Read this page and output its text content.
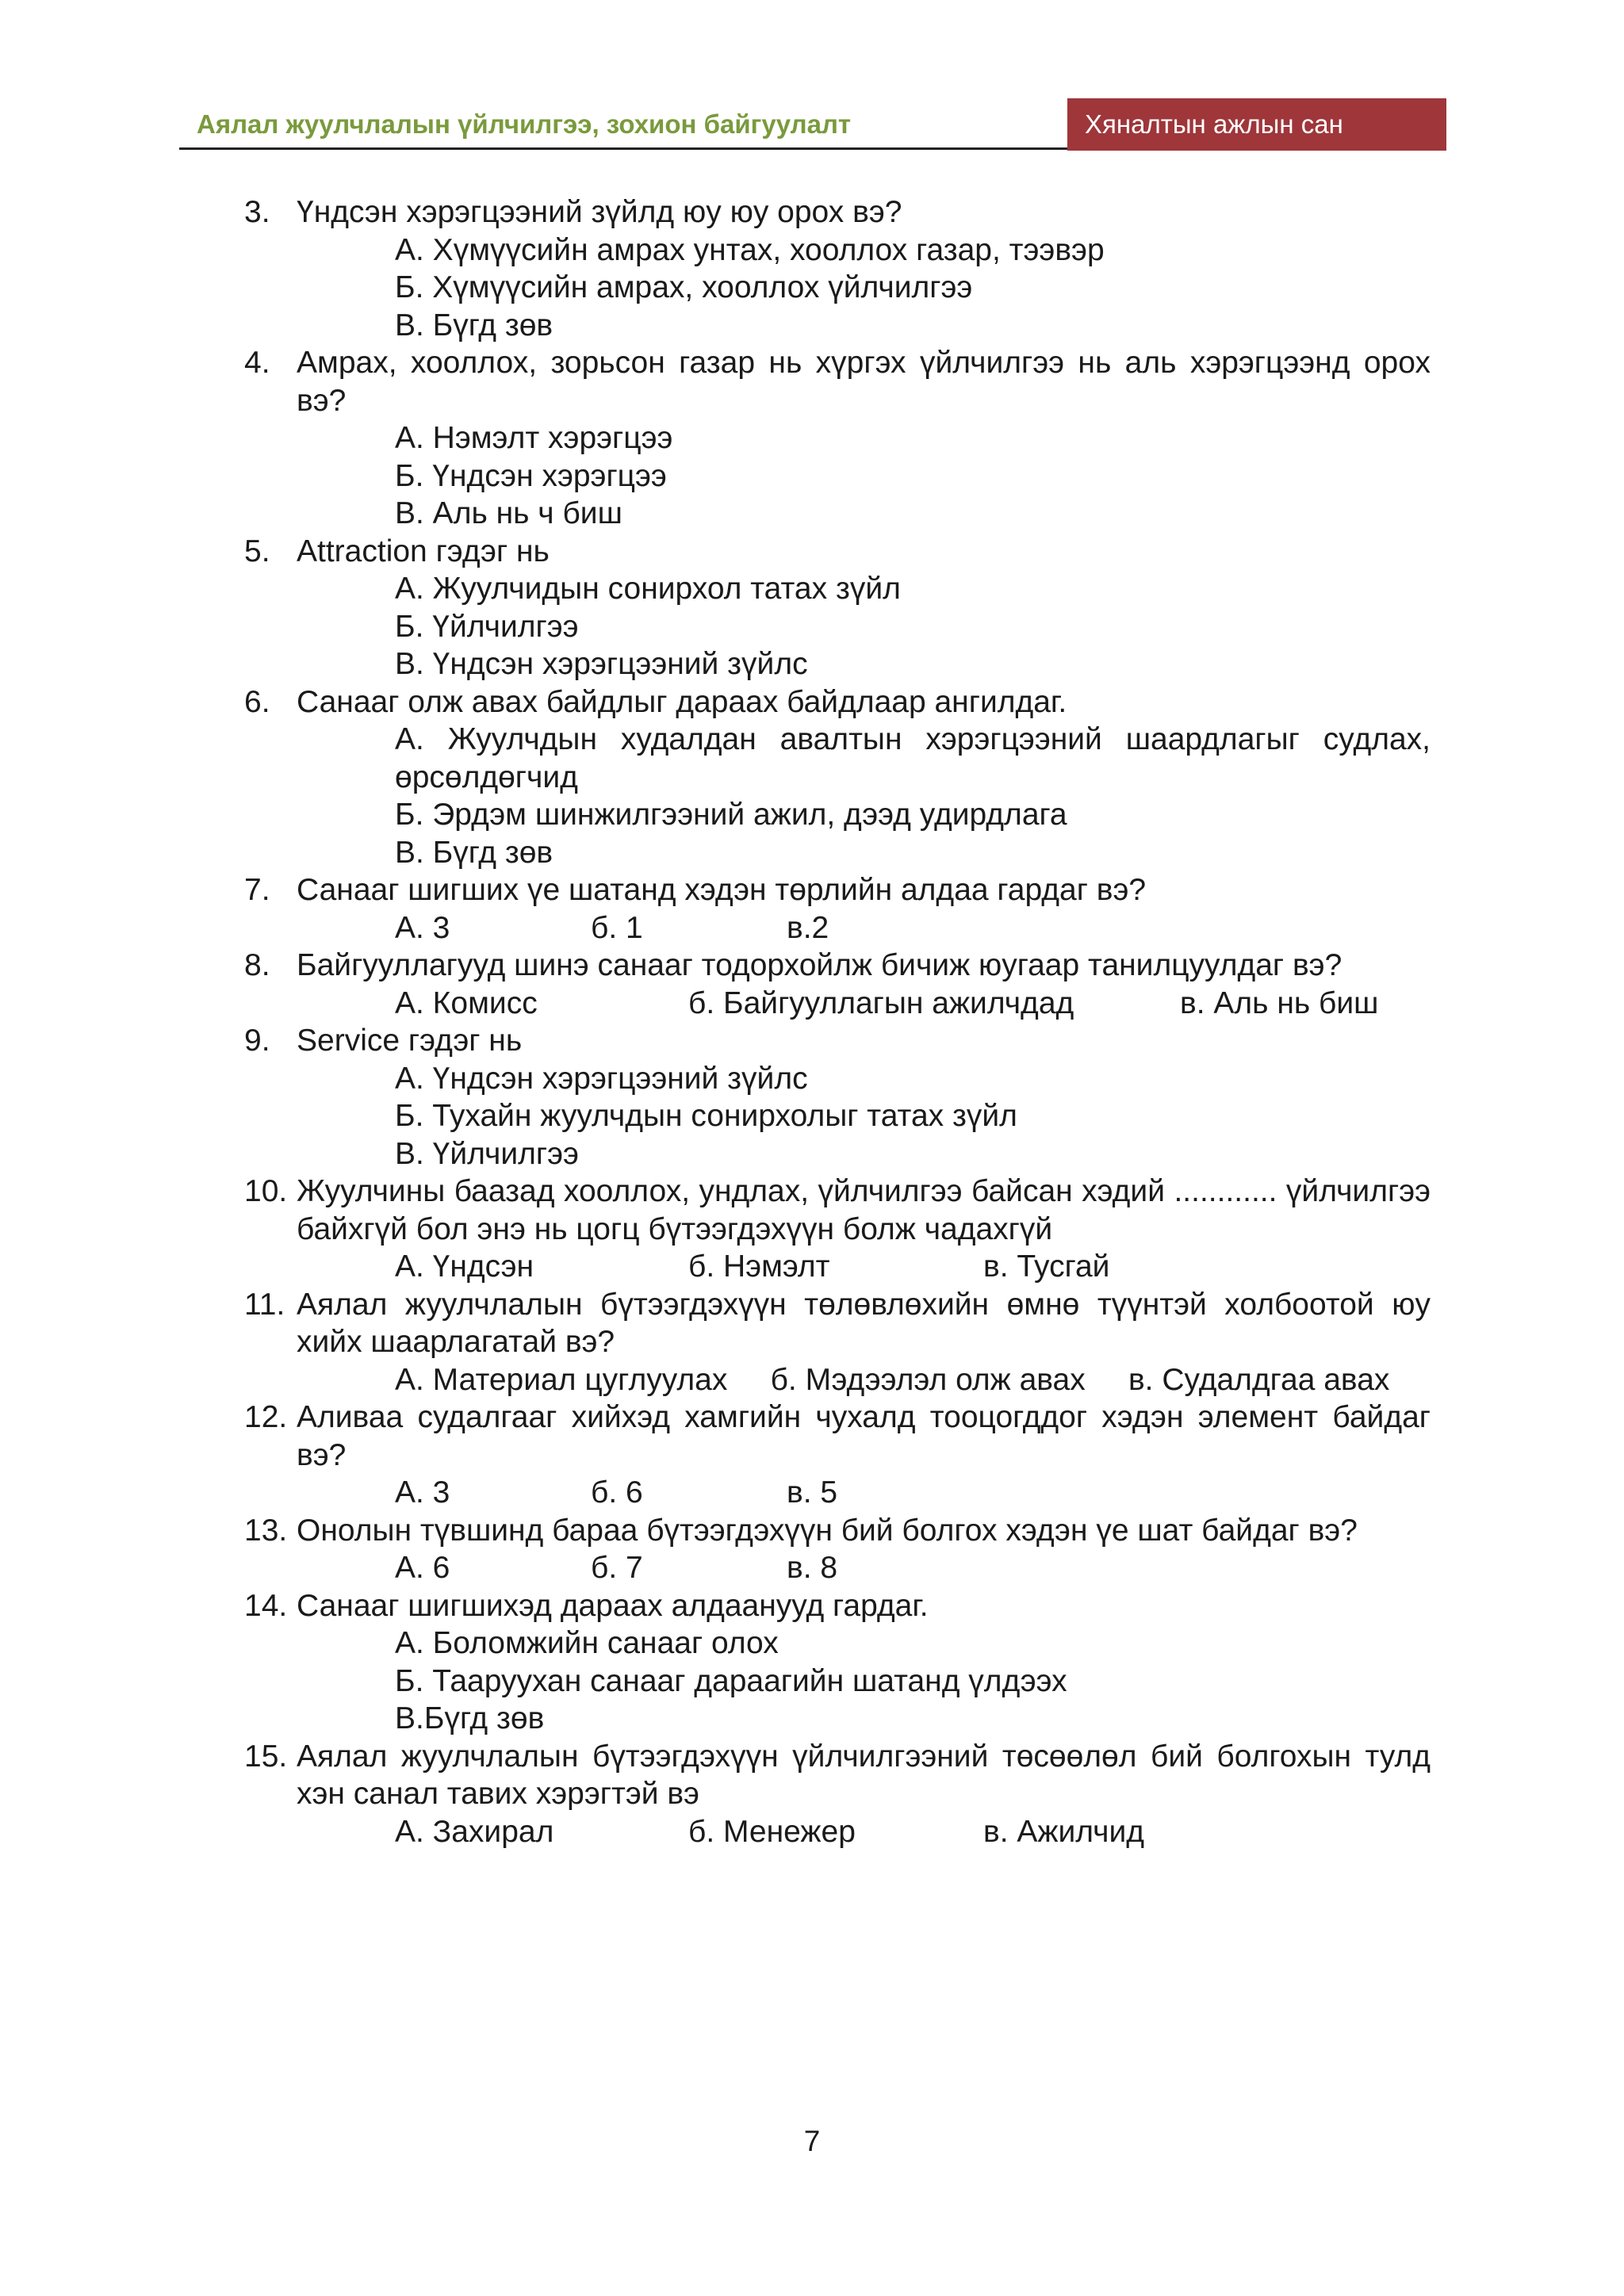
Аялал жуулчлалын үйлчилгээ, зохион байгуулалт	Хяналтын ажлын сан
3. Үндсэн хэрэгцээний зүйлд юу юу орох вэ?
А. Хүмүүсийн амрах унтах, хооллох газар, тээвэр
Б. Хүмүүсийн амрах, хооллох үйлчилгээ
В. Бүгд зөв
4. Амрах, хооллох, зорьсон газар нь хүргэх үйлчилгээ нь аль хэрэгцээнд орох вэ?
А. Нэмэлт хэрэгцээ
Б. Үндсэн хэрэгцээ
В. Аль нь ч биш
5. Attraction гэдэг нь
А. Жуулчидын сонирхол татах зүйл
Б. Үйлчилгээ
В. Үндсэн хэрэгцээний зүйлс
6. Санааг олж авах байдлыг дараах байдлаар ангилдаг.
А. Жуулчдын худалдан авалтын хэрэгцээний шаардлагыг судлах, өрсөлдөгчид
Б. Эрдэм шинжилгээний ажил, дээд удирдлага
В. Бүгд зөв
7. Санааг шигших үе шатанд хэдэн төрлийн алдаа гардаг вэ?
А. 3	б. 1	в.2
8. Байгууллагууд шинэ санааг тодорхойлж бичиж юугаар танилцуулдаг вэ?
А. Комисс	б. Байгууллагын ажилчдад	в. Аль нь биш
9. Service гэдэг нь
А. Үндсэн хэрэгцээний зүйлс
Б. Тухайн жуулчдын сонирхолыг татах зүйл
В. Үйлчилгээ
10. Жуулчины баазад хооллох, ундлах, үйлчилгээ байсан хэдий ............ үйлчилгээ байхгүй бол энэ нь цогц бүтээгдэхүүн болж чадахгүй
А. Үндсэн	б. Нэмэлт	в. Тусгай
11. Аялал жуулчлалын бүтээгдэхүүн төлөвлөхийн өмнө түүнтэй холбоотой юу хийх шаарлагатай вэ?
А. Материал цуглуулах б. Мэдээлэл олж авах в. Судалдгаа авах
12. Аливаа судалгааг хийхэд хамгийн чухалд тооцогддог хэдэн элемент байдаг вэ?
А. 3	б. 6	в. 5
13. Онолын түвшинд бараа бүтээгдэхүүн бий болгох хэдэн үе шат байдаг вэ?
А. 6	б. 7	в. 8
14. Санааг шигшихэд дараах алдаанууд гардаг.
А. Боломжийн санааг олох
Б. Тааруухан санааг дараагийн шатанд үлдээх
В.Бүгд зөв
15. Аялал жуулчлалын бүтээгдэхүүн үйлчилгээний төсөөлөл бий болгохын тулд хэн санал тавих хэрэгтэй вэ
А. Захирал	б. Менежер	в. Ажилчид
7
